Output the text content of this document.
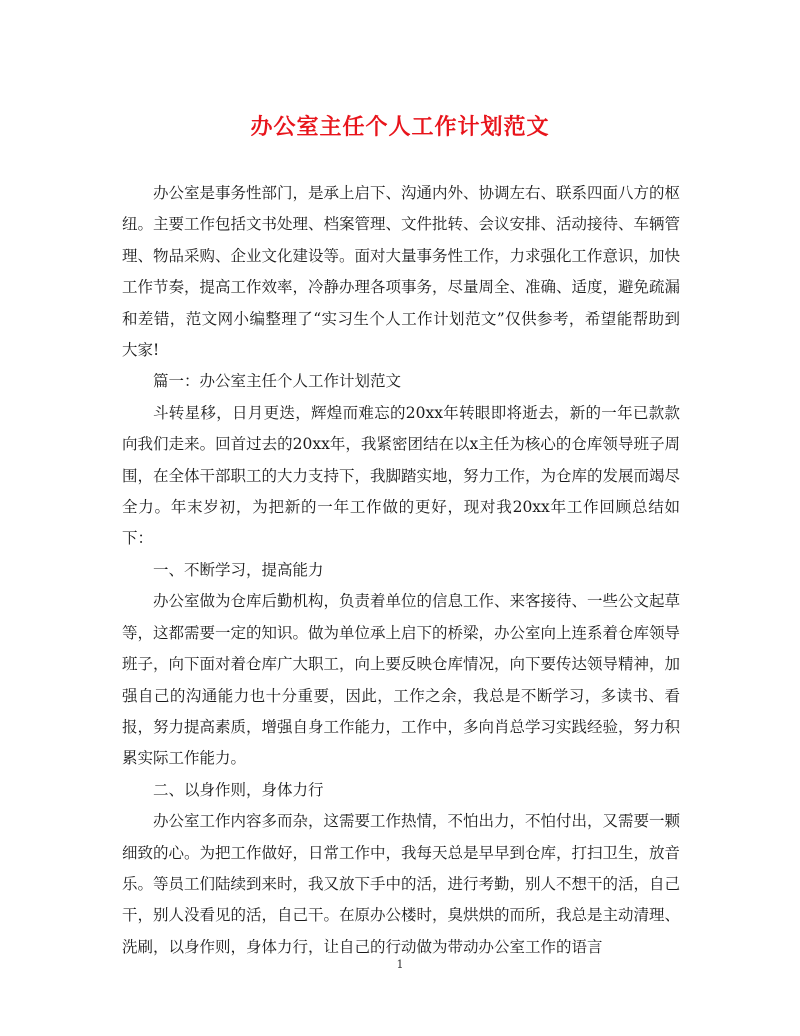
办公室主任个人工作计划范文

办公室是事务性部门，是承上启下、沟通内外、协调左右、联系四面八方的枢纽。主要工作包括文书处理、档案管理、文件批转、会议安排、活动接待、车辆管理、物品采购、企业文化建设等。面对大量事务性工作，力求强化工作意识，加快工作节奏，提高工作效率，冷静办理各项事务，尽量周全、准确、适度，避免疏漏和差错，范文网小编整理了“实习生个人工作计划范文”仅供参考，希望能帮助到大家!

篇一：办公室主任个人工作计划范文

斗转星移，日月更迭，辉煌而难忘的20xx年转眼即将逝去，新的一年已款款向我们走来。回首过去的20xx年，我紧密团结在以x主任为核心的仓库领导班子周围，在全体干部职工的大力支持下，我脚踏实地，努力工作，为仓库的发展而竭尽全力。年末岁初，为把新的一年工作做的更好，现对我20xx年工作回顾总结如下：

一、不断学习，提高能力

办公室做为仓库后勤机构，负责着单位的信息工作、来客接待、一些公文起草等，这都需要一定的知识。做为单位承上启下的桥梁，办公室向上连系着仓库领导班子，向下面对着仓库广大职工，向上要反映仓库情况，向下要传达领导精神，加强自己的沟通能力也十分重要，因此，工作之余，我总是不断学习，多读书、看报，努力提高素质，增强自身工作能力，工作中，多向肖总学习实践经验，努力积累实际工作能力。

二、以身作则，身体力行

办公室工作内容多而杂，这需要工作热情，不怕出力，不怕付出，又需要一颗细致的心。为把工作做好，日常工作中，我每天总是早早到仓库，打扫卫生，放音乐。等员工们陆续到来时，我又放下手中的活，进行考勤，别人不想干的活，自己干，别人没看见的活，自己干。在原办公楼时，臭烘烘的而所，我总是主动清理、洗刷，以身作则，身体力行，让自己的行动做为带动办公室工作的语言

1
